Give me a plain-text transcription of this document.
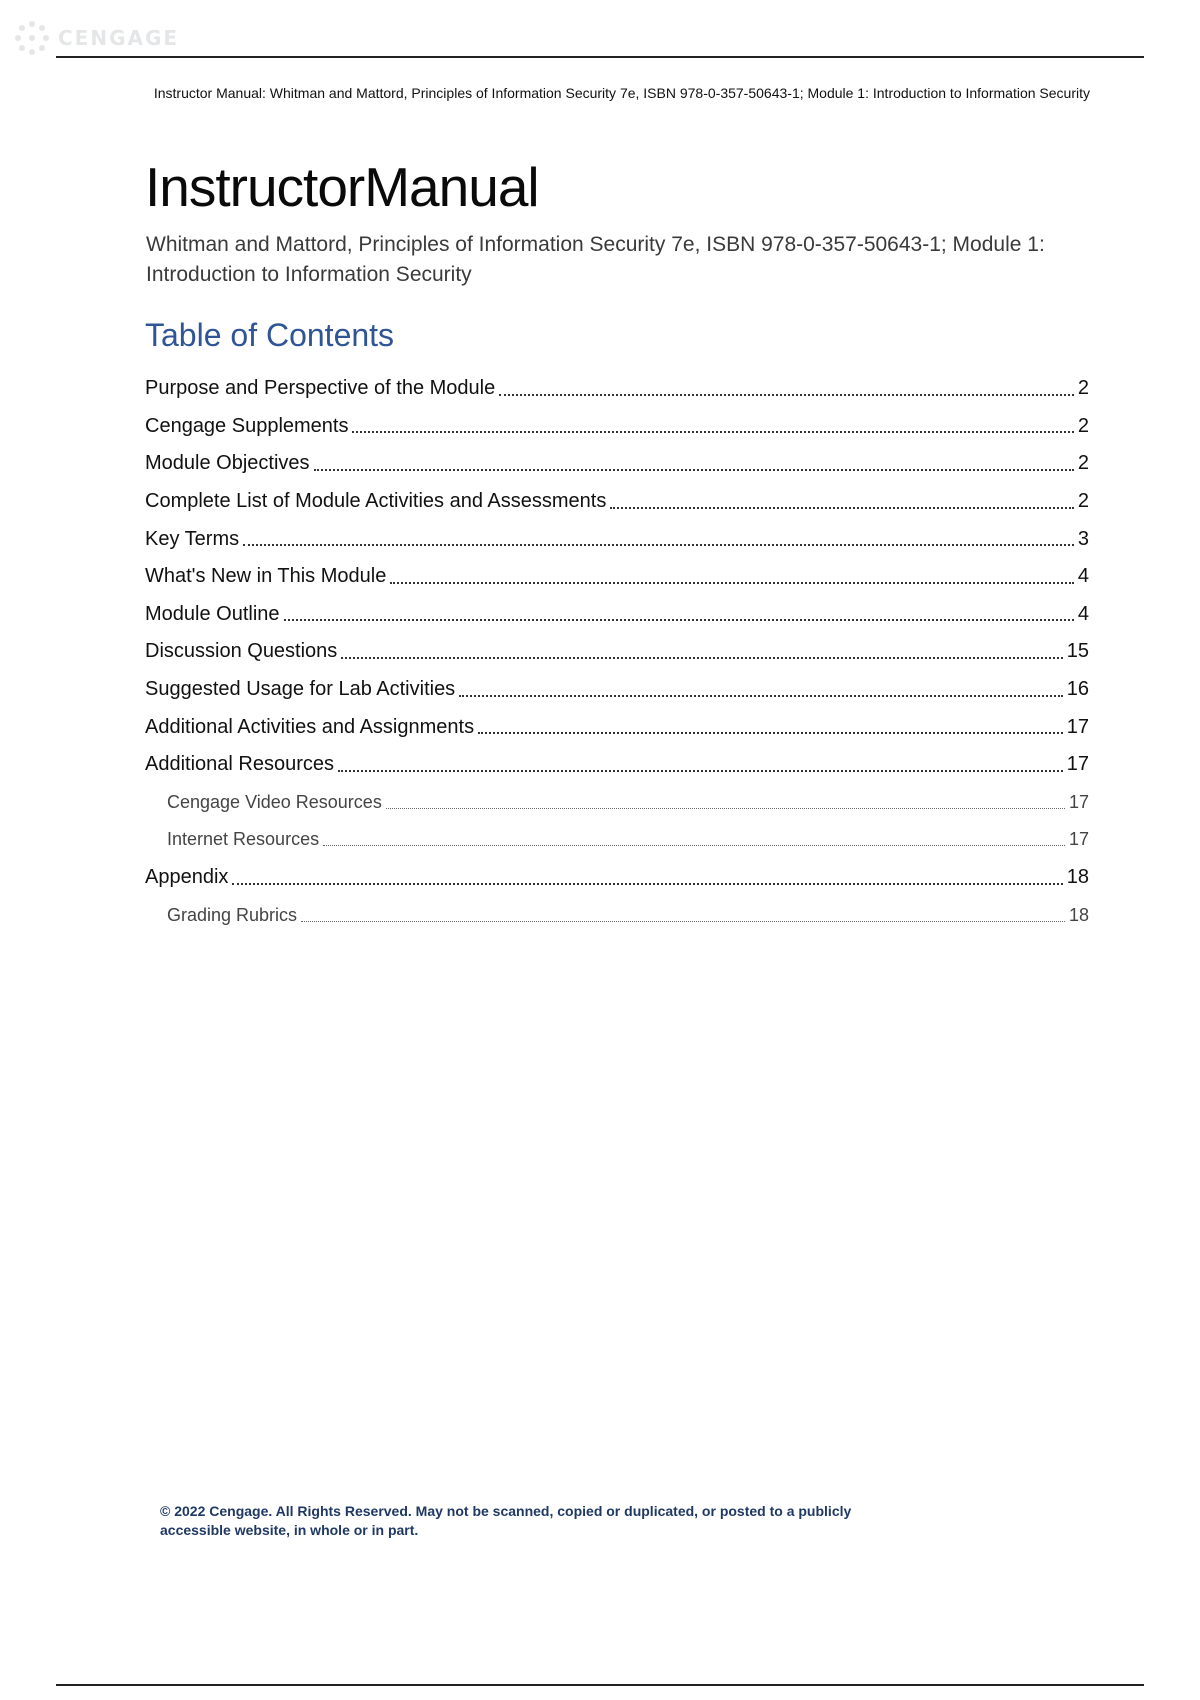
CENGAGE
Instructor Manual: Whitman and Mattord, Principles of Information Security 7e, ISBN 978-0-357-50643-1; Module 1: Introduction to Information Security
InstructorManual
Whitman and Mattord, Principles of Information Security 7e, ISBN 978-0-357-50643-1; Module 1: Introduction to Information Security
Table of Contents
Purpose and Perspective of the Module	2
Cengage Supplements	2
Module Objectives	2
Complete List of Module Activities and Assessments	2
Key Terms	3
What's New in This Module	4
Module Outline	4
Discussion Questions	15
Suggested Usage for Lab Activities	16
Additional Activities and Assignments	17
Additional Resources	17
Cengage Video Resources	17
Internet Resources	17
Appendix	18
Grading Rubrics	18
© 2022 Cengage. All Rights Reserved. May not be scanned, copied or duplicated, or posted to a publicly accessible website, in whole or in part.
